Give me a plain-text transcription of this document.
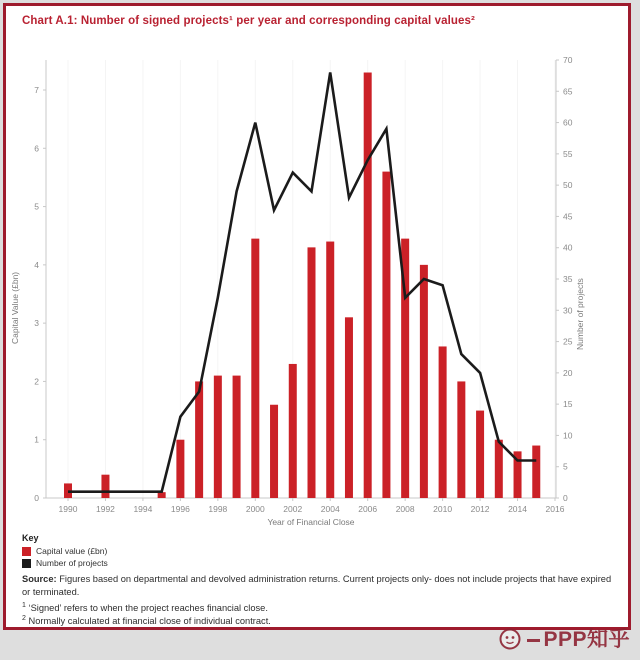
Chart A.1: Number of signed projects¹ per year and corresponding capital values²
0
1
2
3
4
5
6
7
0
5
10
15
20
25
30
35
40
45
50
55
60
65
70
1990 1992 1994 1996 1998 2000 2002 2004 2006 2008 2010 2012 2014 2016
Capital Value (£bn)	Number of projects
Year of Financial Close
Key
Capital value (£bn)
Number of projects
Source: Figures based on departmental and devolved administration returns. Current projects only- does not include projects that have expired or terminated.
$^1$ ‘Signed’ refers to when the project reaches financial close.
$^2$ Normally calculated at financial close of individual contract.
PPP知乎
